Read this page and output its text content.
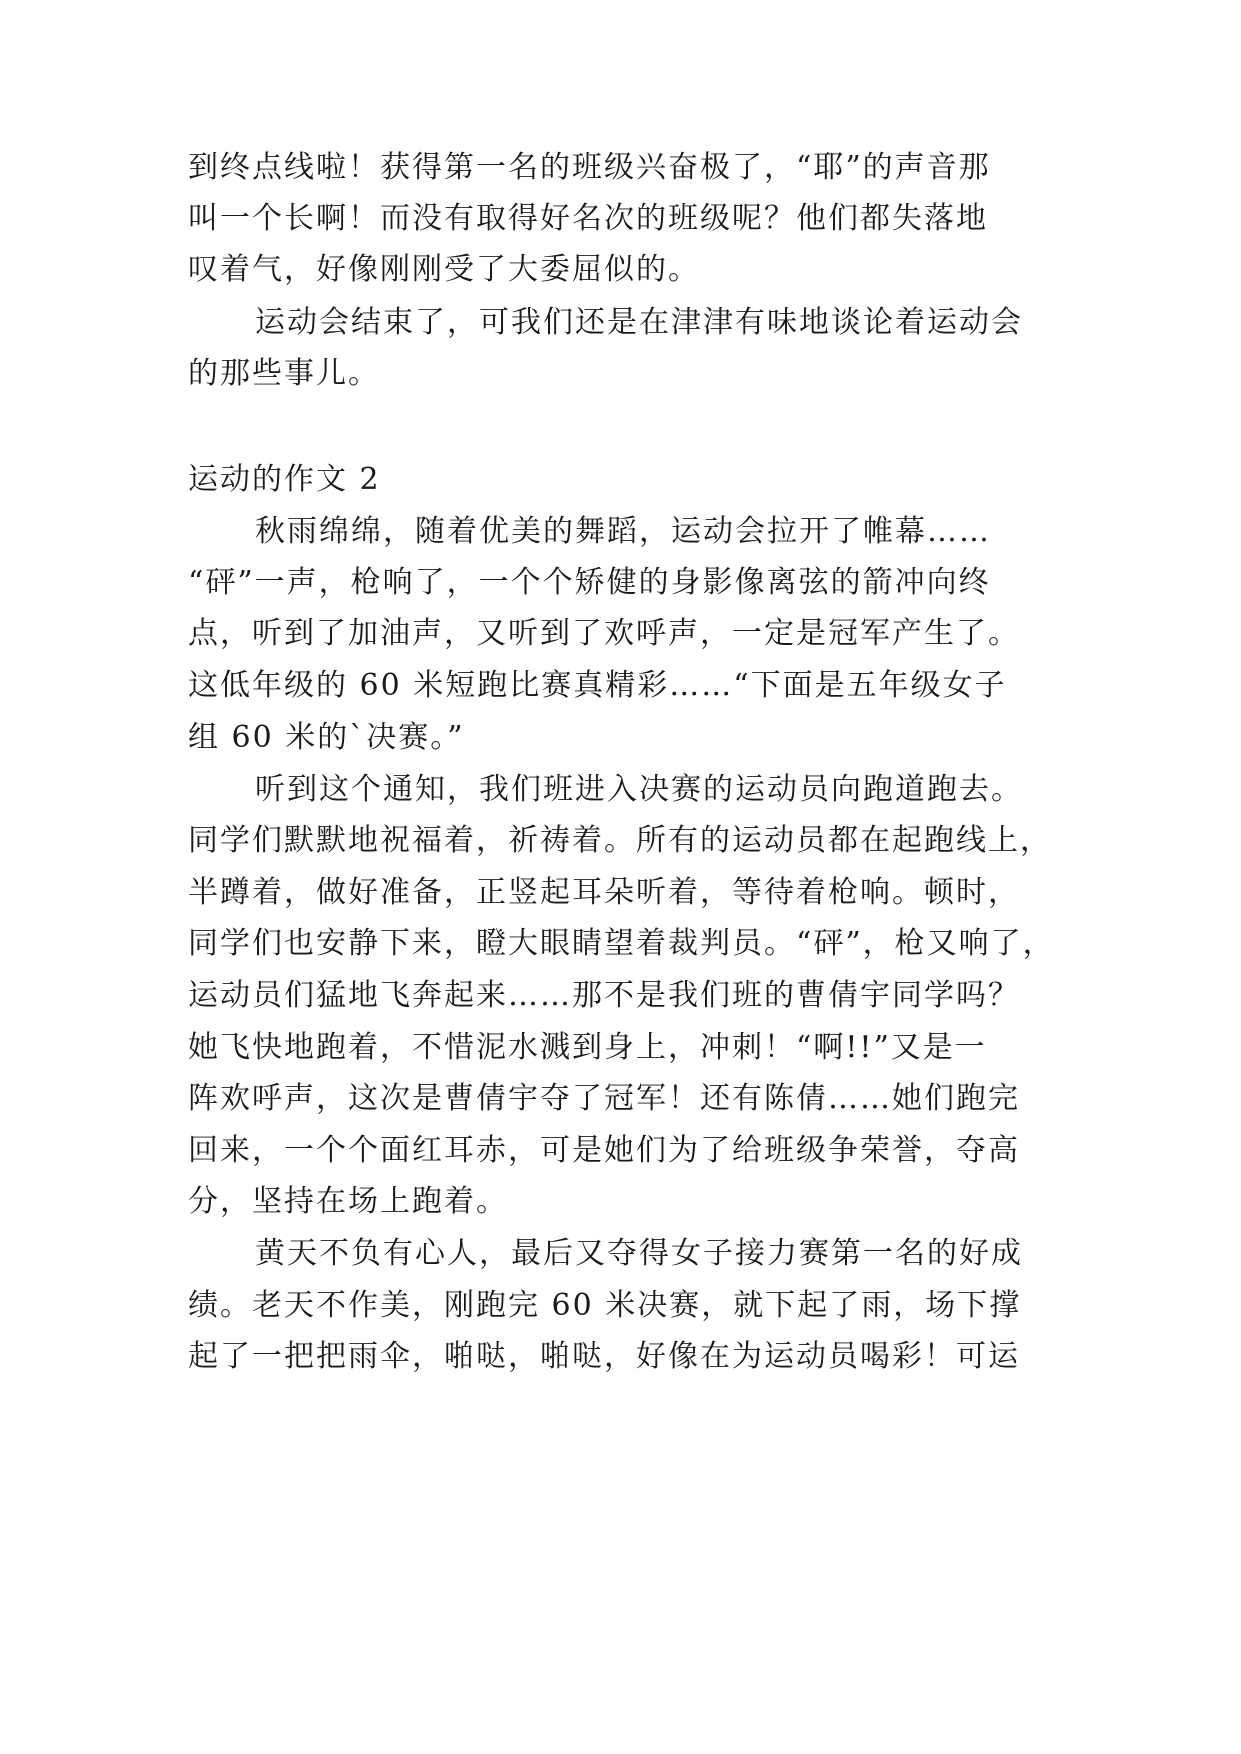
到终点线啦！获得第一名的班级兴奋极了，“耶”的声音那
叫一个长啊！而没有取得好名次的班级呢？他们都失落地
叹着气，好像刚刚受了大委屈似的。
运动会结束了，可我们还是在津津有味地谈论着运动会
的那些事儿。
运动的作文 2
秋雨绵绵，随着优美的舞蹈，运动会拉开了帷幕……
“砰”一声，枪响了，一个个矫健的身影像离弦的箭冲向终
点，听到了加油声，又听到了欢呼声，一定是冠军产生了。
这低年级的 60 米短跑比赛真精彩……“下面是五年级女子
组 60 米的`决赛。”
听到这个通知，我们班进入决赛的运动员向跑道跑去。
同学们默默地祝福着，祈祷着。所有的运动员都在起跑线上，
半蹲着，做好准备，正竖起耳朵听着，等待着枪响。顿时，
同学们也安静下来，瞪大眼睛望着裁判员。“砰”，枪又响了，
运动员们猛地飞奔起来……那不是我们班的曹倩宇同学吗？
她飞快地跑着，不惜泥水溅到身上，冲刺！“啊!!”又是一
阵欢呼声，这次是曹倩宇夺了冠军！还有陈倩……她们跑完
回来，一个个面红耳赤，可是她们为了给班级争荣誉，夺高
分，坚持在场上跑着。
黄天不负有心人，最后又夺得女子接力赛第一名的好成
绩。老天不作美，刚跑完 60 米决赛，就下起了雨，场下撑
起了一把把雨伞，啪哒，啪哒，好像在为运动员喝彩！可运
